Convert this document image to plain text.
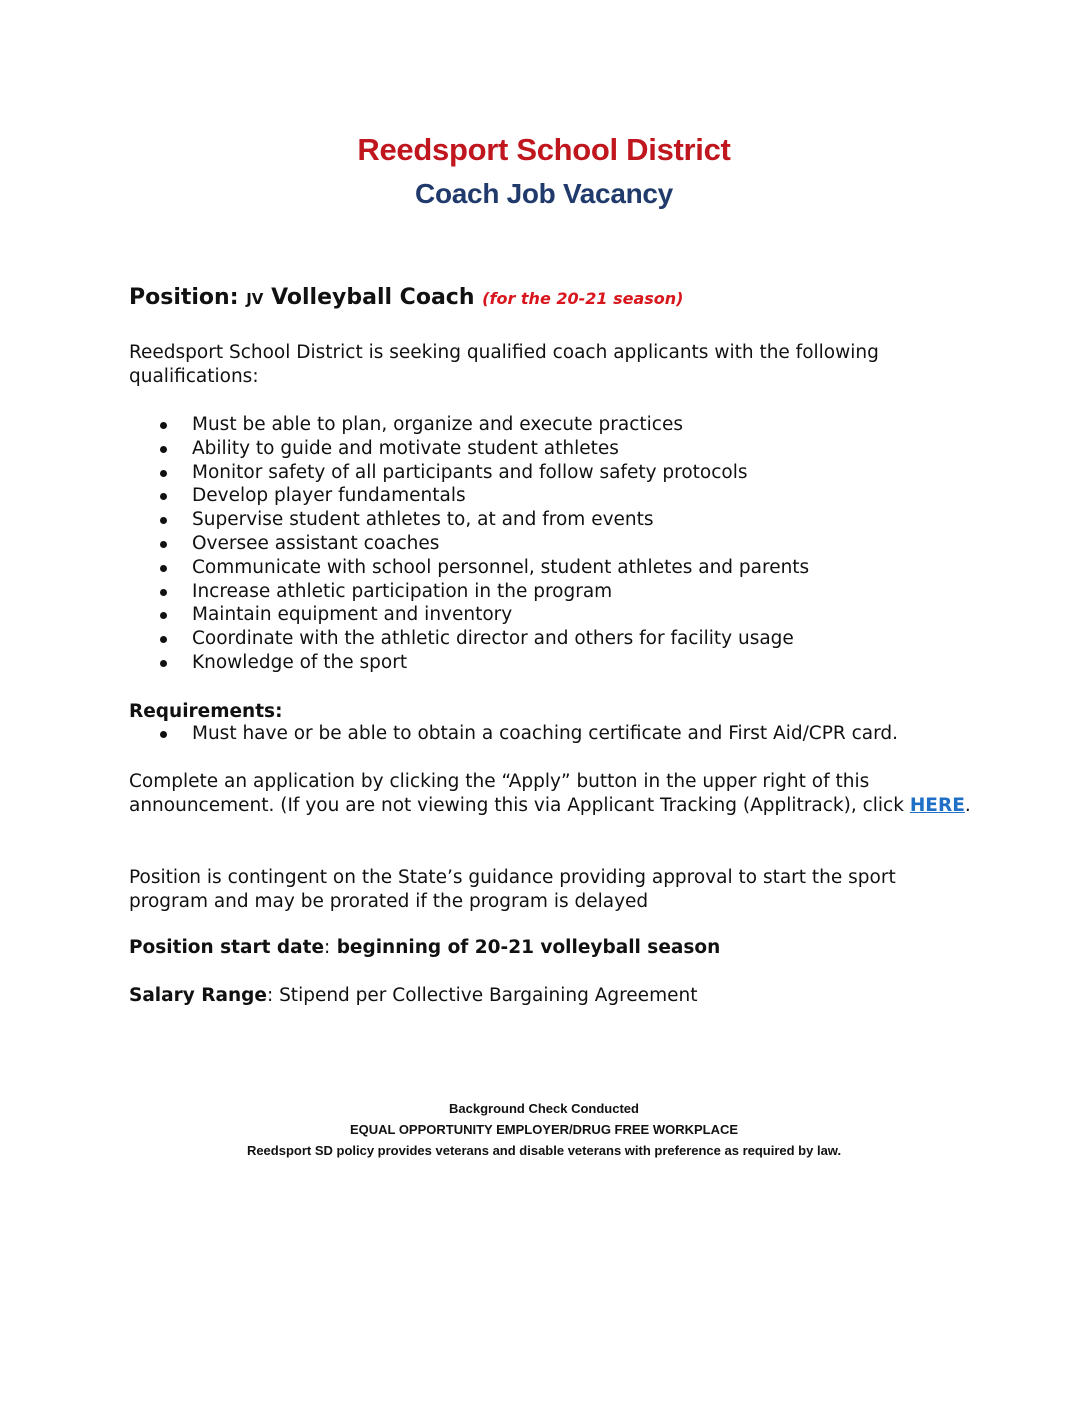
Reedsport School District
Coach Job Vacancy
Position: JV Volleyball Coach (for the 20-21 season)
Reedsport School District is seeking qualified coach applicants with the following qualifications:
Must be able to plan, organize and execute practices
Ability to guide and motivate student athletes
Monitor safety of all participants and follow safety protocols
Develop player fundamentals
Supervise student athletes to, at and from events
Oversee assistant coaches
Communicate with school personnel, student athletes and parents
Increase athletic participation in the program
Maintain equipment and inventory
Coordinate with the athletic director and others for facility usage
Knowledge of the sport
Requirements:
Must have or be able to obtain a coaching certificate and First Aid/CPR card.
Complete an application by clicking the “Apply” button in the upper right of this announcement. (If you are not viewing this via Applicant Tracking (Applitrack), click HERE.
Position is contingent on the State’s guidance providing approval to start the sport program and may be prorated if the program is delayed
Position start date: beginning of 20-21 volleyball season
Salary Range: Stipend per Collective Bargaining Agreement
Background Check Conducted
EQUAL OPPORTUNITY EMPLOYER/DRUG FREE WORKPLACE
Reedsport SD policy provides veterans and disable veterans with preference as required by law.
